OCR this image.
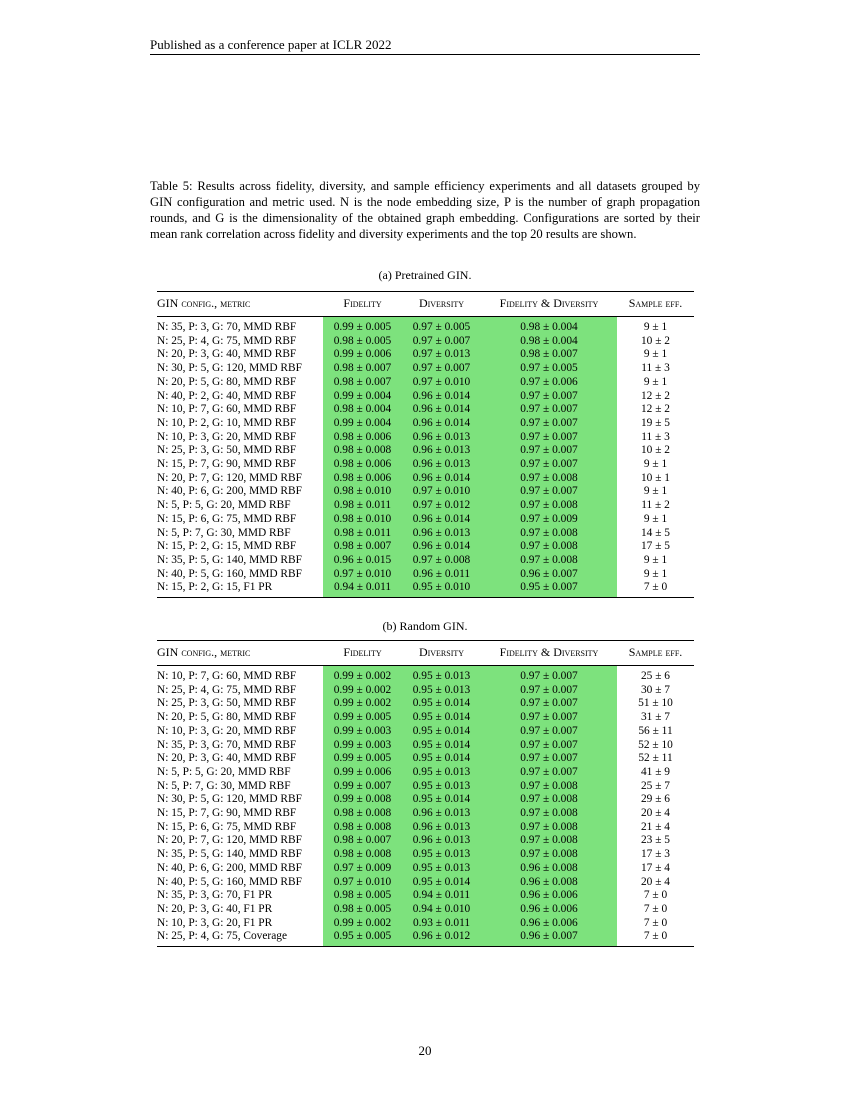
Published as a conference paper at ICLR 2022

Table 5: Results across fidelity, diversity, and sample efficiency experiments and all datasets grouped by GIN configuration and metric used. N is the node embedding size, P is the number of graph propagation rounds, and G is the dimensionality of the obtained graph embedding. Configurations are sorted by their mean rank correlation across fidelity and diversity experiments and the top 20 results are shown.

(a) Pretrained GIN.
GIN config., metric	Fidelity	Diversity	Fidelity & Diversity	Sample eff.
N: 35, P: 3, G: 70, MMD RBF	0.99 ± 0.005	0.97 ± 0.005	0.98 ± 0.004	9 ± 1
N: 25, P: 4, G: 75, MMD RBF	0.98 ± 0.005	0.97 ± 0.007	0.98 ± 0.004	10 ± 2
N: 20, P: 3, G: 40, MMD RBF	0.99 ± 0.006	0.97 ± 0.013	0.98 ± 0.007	9 ± 1
N: 30, P: 5, G: 120, MMD RBF	0.98 ± 0.007	0.97 ± 0.007	0.97 ± 0.005	11 ± 3
N: 20, P: 5, G: 80, MMD RBF	0.98 ± 0.007	0.97 ± 0.010	0.97 ± 0.006	9 ± 1
N: 40, P: 2, G: 40, MMD RBF	0.99 ± 0.004	0.96 ± 0.014	0.97 ± 0.007	12 ± 2
N: 10, P: 7, G: 60, MMD RBF	0.98 ± 0.004	0.96 ± 0.014	0.97 ± 0.007	12 ± 2
N: 10, P: 2, G: 10, MMD RBF	0.99 ± 0.004	0.96 ± 0.014	0.97 ± 0.007	19 ± 5
N: 10, P: 3, G: 20, MMD RBF	0.98 ± 0.006	0.96 ± 0.013	0.97 ± 0.007	11 ± 3
N: 25, P: 3, G: 50, MMD RBF	0.98 ± 0.008	0.96 ± 0.013	0.97 ± 0.007	10 ± 2
N: 15, P: 7, G: 90, MMD RBF	0.98 ± 0.006	0.96 ± 0.013	0.97 ± 0.007	9 ± 1
N: 20, P: 7, G: 120, MMD RBF	0.98 ± 0.006	0.96 ± 0.014	0.97 ± 0.008	10 ± 1
N: 40, P: 6, G: 200, MMD RBF	0.98 ± 0.010	0.97 ± 0.010	0.97 ± 0.007	9 ± 1
N: 5, P: 5, G: 20, MMD RBF	0.98 ± 0.011	0.97 ± 0.012	0.97 ± 0.008	11 ± 2
N: 15, P: 6, G: 75, MMD RBF	0.98 ± 0.010	0.96 ± 0.014	0.97 ± 0.009	9 ± 1
N: 5, P: 7, G: 30, MMD RBF	0.98 ± 0.011	0.96 ± 0.013	0.97 ± 0.008	14 ± 5
N: 15, P: 2, G: 15, MMD RBF	0.98 ± 0.007	0.96 ± 0.014	0.97 ± 0.008	17 ± 5
N: 35, P: 5, G: 140, MMD RBF	0.96 ± 0.015	0.97 ± 0.008	0.97 ± 0.008	9 ± 1
N: 40, P: 5, G: 160, MMD RBF	0.97 ± 0.010	0.96 ± 0.011	0.96 ± 0.007	9 ± 1
N: 15, P: 2, G: 15, F1 PR	0.94 ± 0.011	0.95 ± 0.010	0.95 ± 0.007	7 ± 0
(b) Random GIN.
GIN config., metric	Fidelity	Diversity	Fidelity & Diversity	Sample eff.
N: 10, P: 7, G: 60, MMD RBF	0.99 ± 0.002	0.95 ± 0.013	0.97 ± 0.007	25 ± 6
N: 25, P: 4, G: 75, MMD RBF	0.99 ± 0.002	0.95 ± 0.013	0.97 ± 0.007	30 ± 7
N: 25, P: 3, G: 50, MMD RBF	0.99 ± 0.002	0.95 ± 0.014	0.97 ± 0.007	51 ± 10
N: 20, P: 5, G: 80, MMD RBF	0.99 ± 0.005	0.95 ± 0.014	0.97 ± 0.007	31 ± 7
N: 10, P: 3, G: 20, MMD RBF	0.99 ± 0.003	0.95 ± 0.014	0.97 ± 0.007	56 ± 11
N: 35, P: 3, G: 70, MMD RBF	0.99 ± 0.003	0.95 ± 0.014	0.97 ± 0.007	52 ± 10
N: 20, P: 3, G: 40, MMD RBF	0.99 ± 0.005	0.95 ± 0.014	0.97 ± 0.007	52 ± 11
N: 5, P: 5, G: 20, MMD RBF	0.99 ± 0.006	0.95 ± 0.013	0.97 ± 0.007	41 ± 9
N: 5, P: 7, G: 30, MMD RBF	0.99 ± 0.007	0.95 ± 0.013	0.97 ± 0.008	25 ± 7
N: 30, P: 5, G: 120, MMD RBF	0.99 ± 0.008	0.95 ± 0.014	0.97 ± 0.008	29 ± 6
N: 15, P: 7, G: 90, MMD RBF	0.98 ± 0.008	0.96 ± 0.013	0.97 ± 0.008	20 ± 4
N: 15, P: 6, G: 75, MMD RBF	0.98 ± 0.008	0.96 ± 0.013	0.97 ± 0.008	21 ± 4
N: 20, P: 7, G: 120, MMD RBF	0.98 ± 0.007	0.96 ± 0.013	0.97 ± 0.008	23 ± 5
N: 35, P: 5, G: 140, MMD RBF	0.98 ± 0.008	0.95 ± 0.013	0.97 ± 0.008	17 ± 3
N: 40, P: 6, G: 200, MMD RBF	0.97 ± 0.009	0.95 ± 0.013	0.96 ± 0.008	17 ± 4
N: 40, P: 5, G: 160, MMD RBF	0.97 ± 0.010	0.95 ± 0.014	0.96 ± 0.008	20 ± 4
N: 35, P: 3, G: 70, F1 PR	0.98 ± 0.005	0.94 ± 0.011	0.96 ± 0.006	7 ± 0
N: 20, P: 3, G: 40, F1 PR	0.98 ± 0.005	0.94 ± 0.010	0.96 ± 0.006	7 ± 0
N: 10, P: 3, G: 20, F1 PR	0.99 ± 0.002	0.93 ± 0.011	0.96 ± 0.006	7 ± 0
N: 25, P: 4, G: 75, Coverage	0.95 ± 0.005	0.96 ± 0.012	0.96 ± 0.007	7 ± 0
20
